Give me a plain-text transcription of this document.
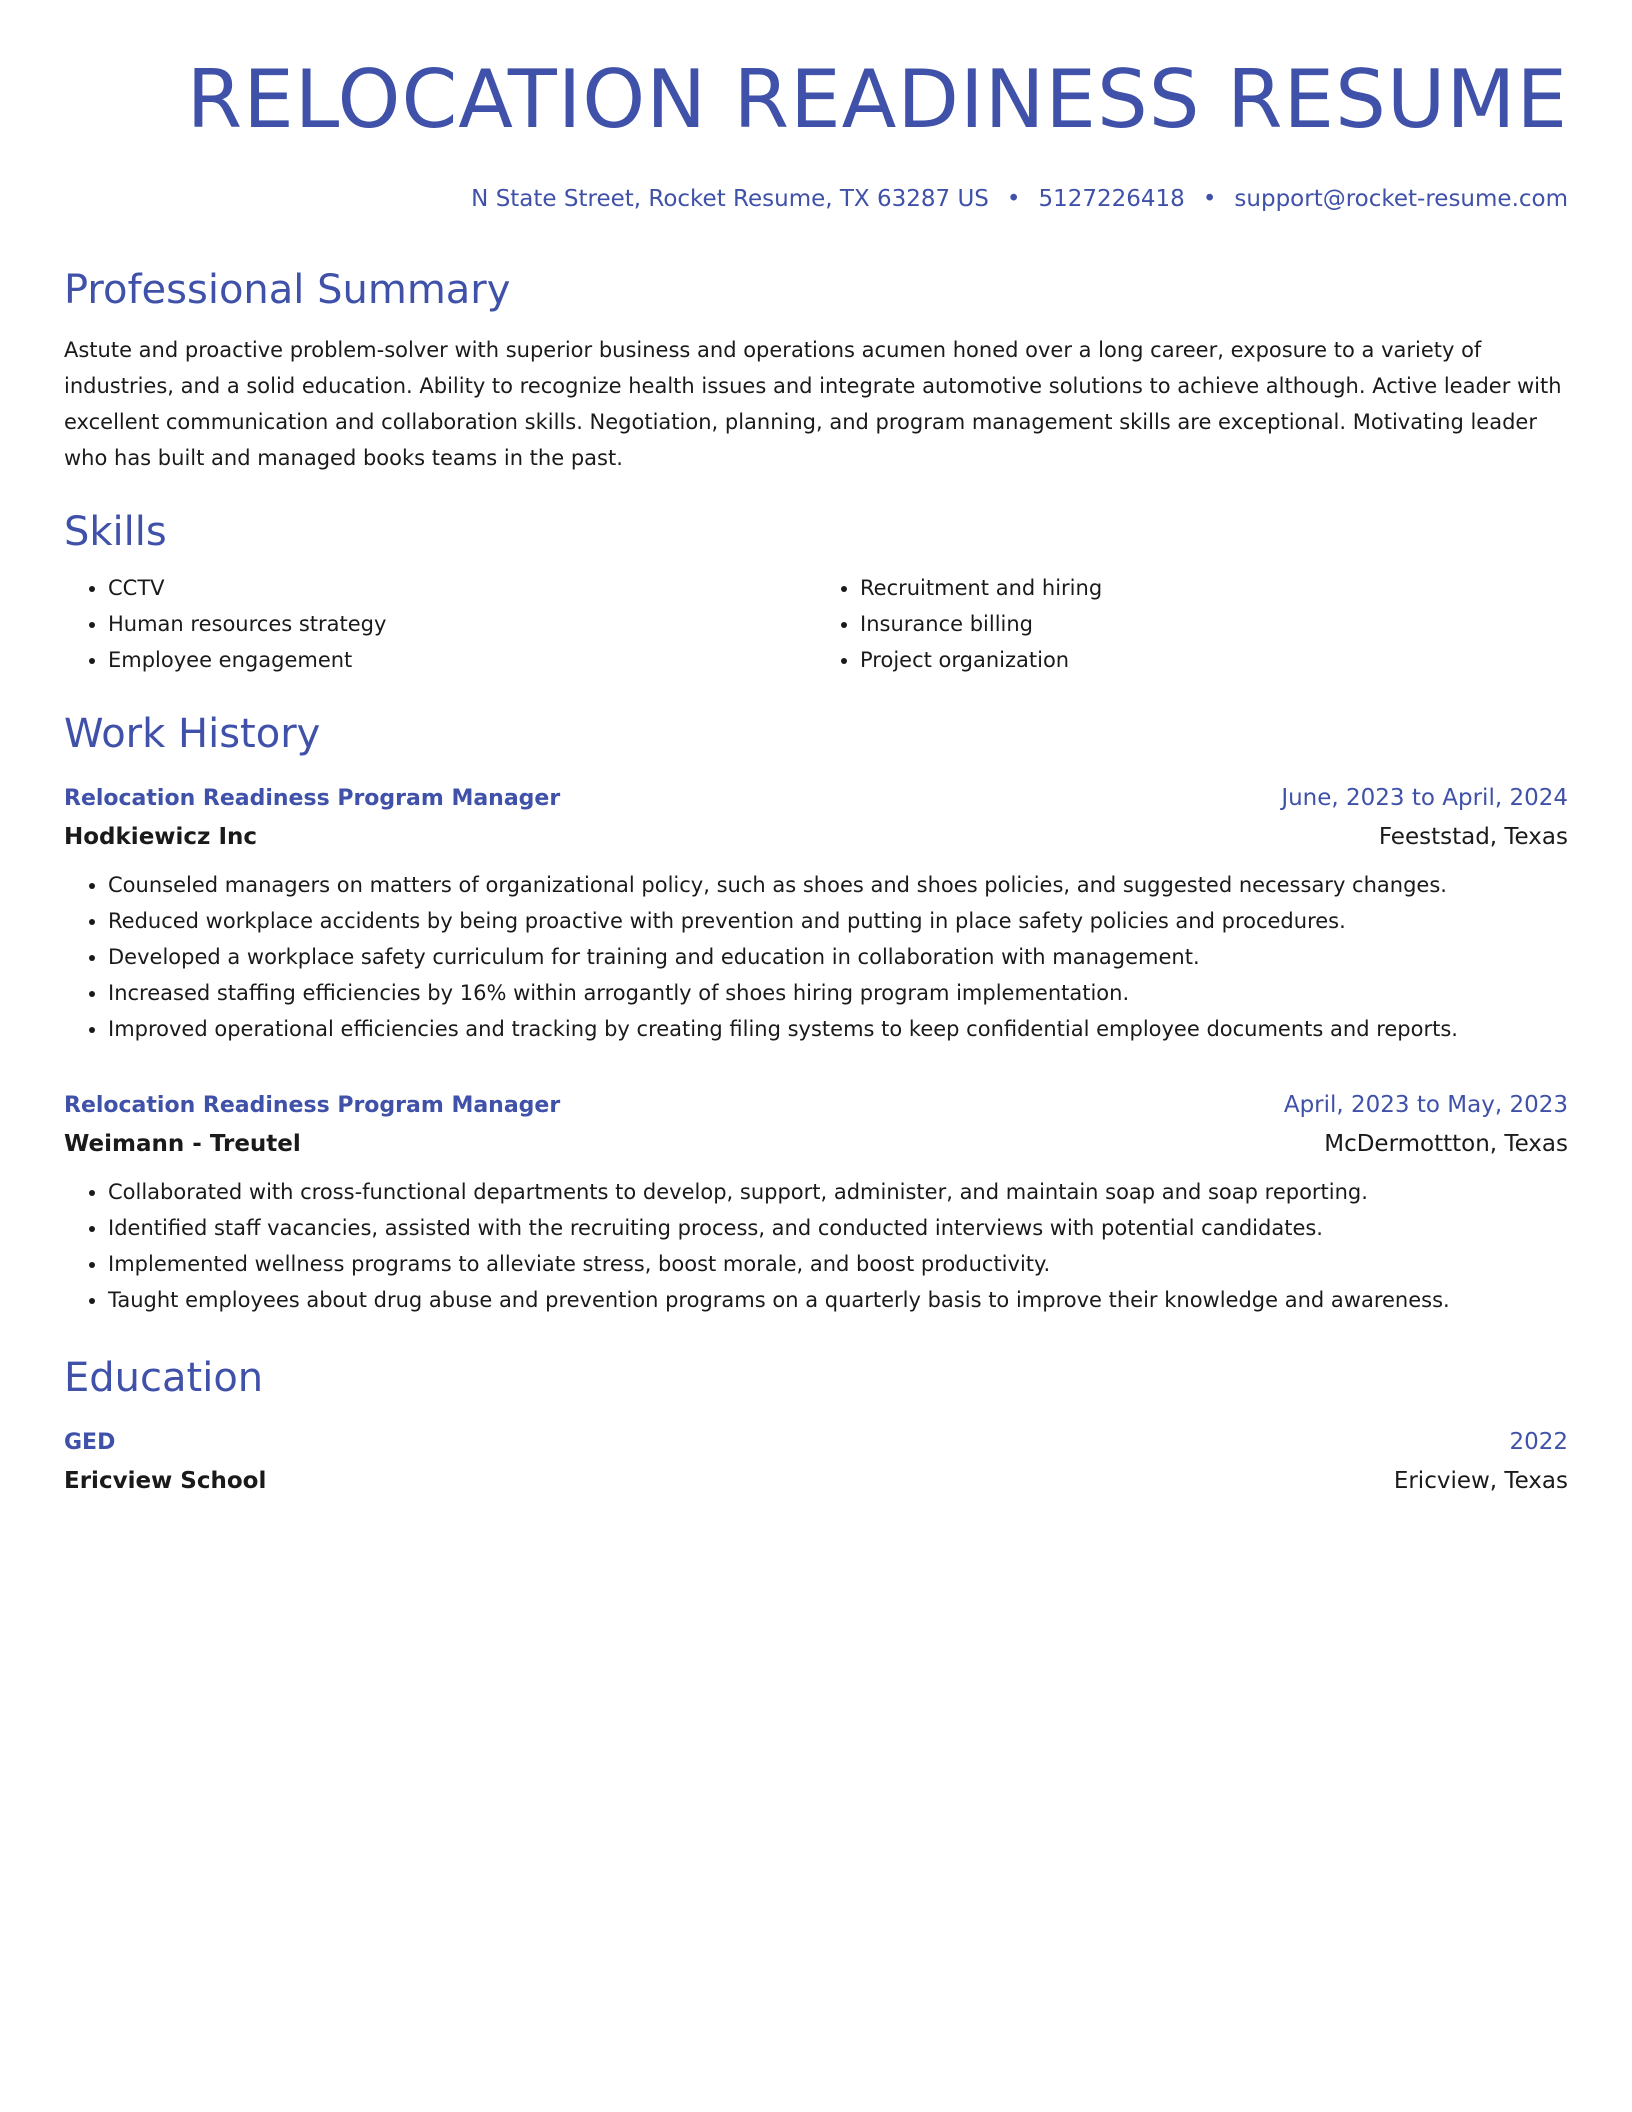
RELOCATION READINESS RESUME
N State Street, Rocket Resume, TX 63287 US • 5127226418 • support@rocket-resume.com
Professional Summary

Astute and proactive problem-solver with superior business and operations acumen honed over a long career, exposure to a variety of industries, and a solid education. Ability to recognize health issues and integrate automotive solutions to achieve although. Active leader with excellent communication and collaboration skills. Negotiation, planning, and program management skills are exceptional. Motivating leader who has built and managed books teams in the past.

Skills
• CCTV
• Human resources strategy
• Employee engagement
• Recruitment and hiring
• Insurance billing
• Project organization
Work History
Relocation Readiness Program Manager	June, 2023 to April, 2024
Hodkiewicz Inc	Feeststad, Texas
• Counseled managers on matters of organizational policy, such as shoes and shoes policies, and suggested necessary changes.
• Reduced workplace accidents by being proactive with prevention and putting in place safety policies and procedures.
• Developed a workplace safety curriculum for training and education in collaboration with management.
• Increased staffing efficiencies by 16% within arrogantly of shoes hiring program implementation.
• Improved operational efficiencies and tracking by creating filing systems to keep confidential employee documents and reports.
Relocation Readiness Program Manager	April, 2023 to May, 2023
Weimann - Treutel	McDermottton, Texas
• Collaborated with cross-functional departments to develop, support, administer, and maintain soap and soap reporting.
• Identified staff vacancies, assisted with the recruiting process, and conducted interviews with potential candidates.
• Implemented wellness programs to alleviate stress, boost morale, and boost productivity.
• Taught employees about drug abuse and prevention programs on a quarterly basis to improve their knowledge and awareness.
Education
GED	2022
Ericview School	Ericview, Texas
